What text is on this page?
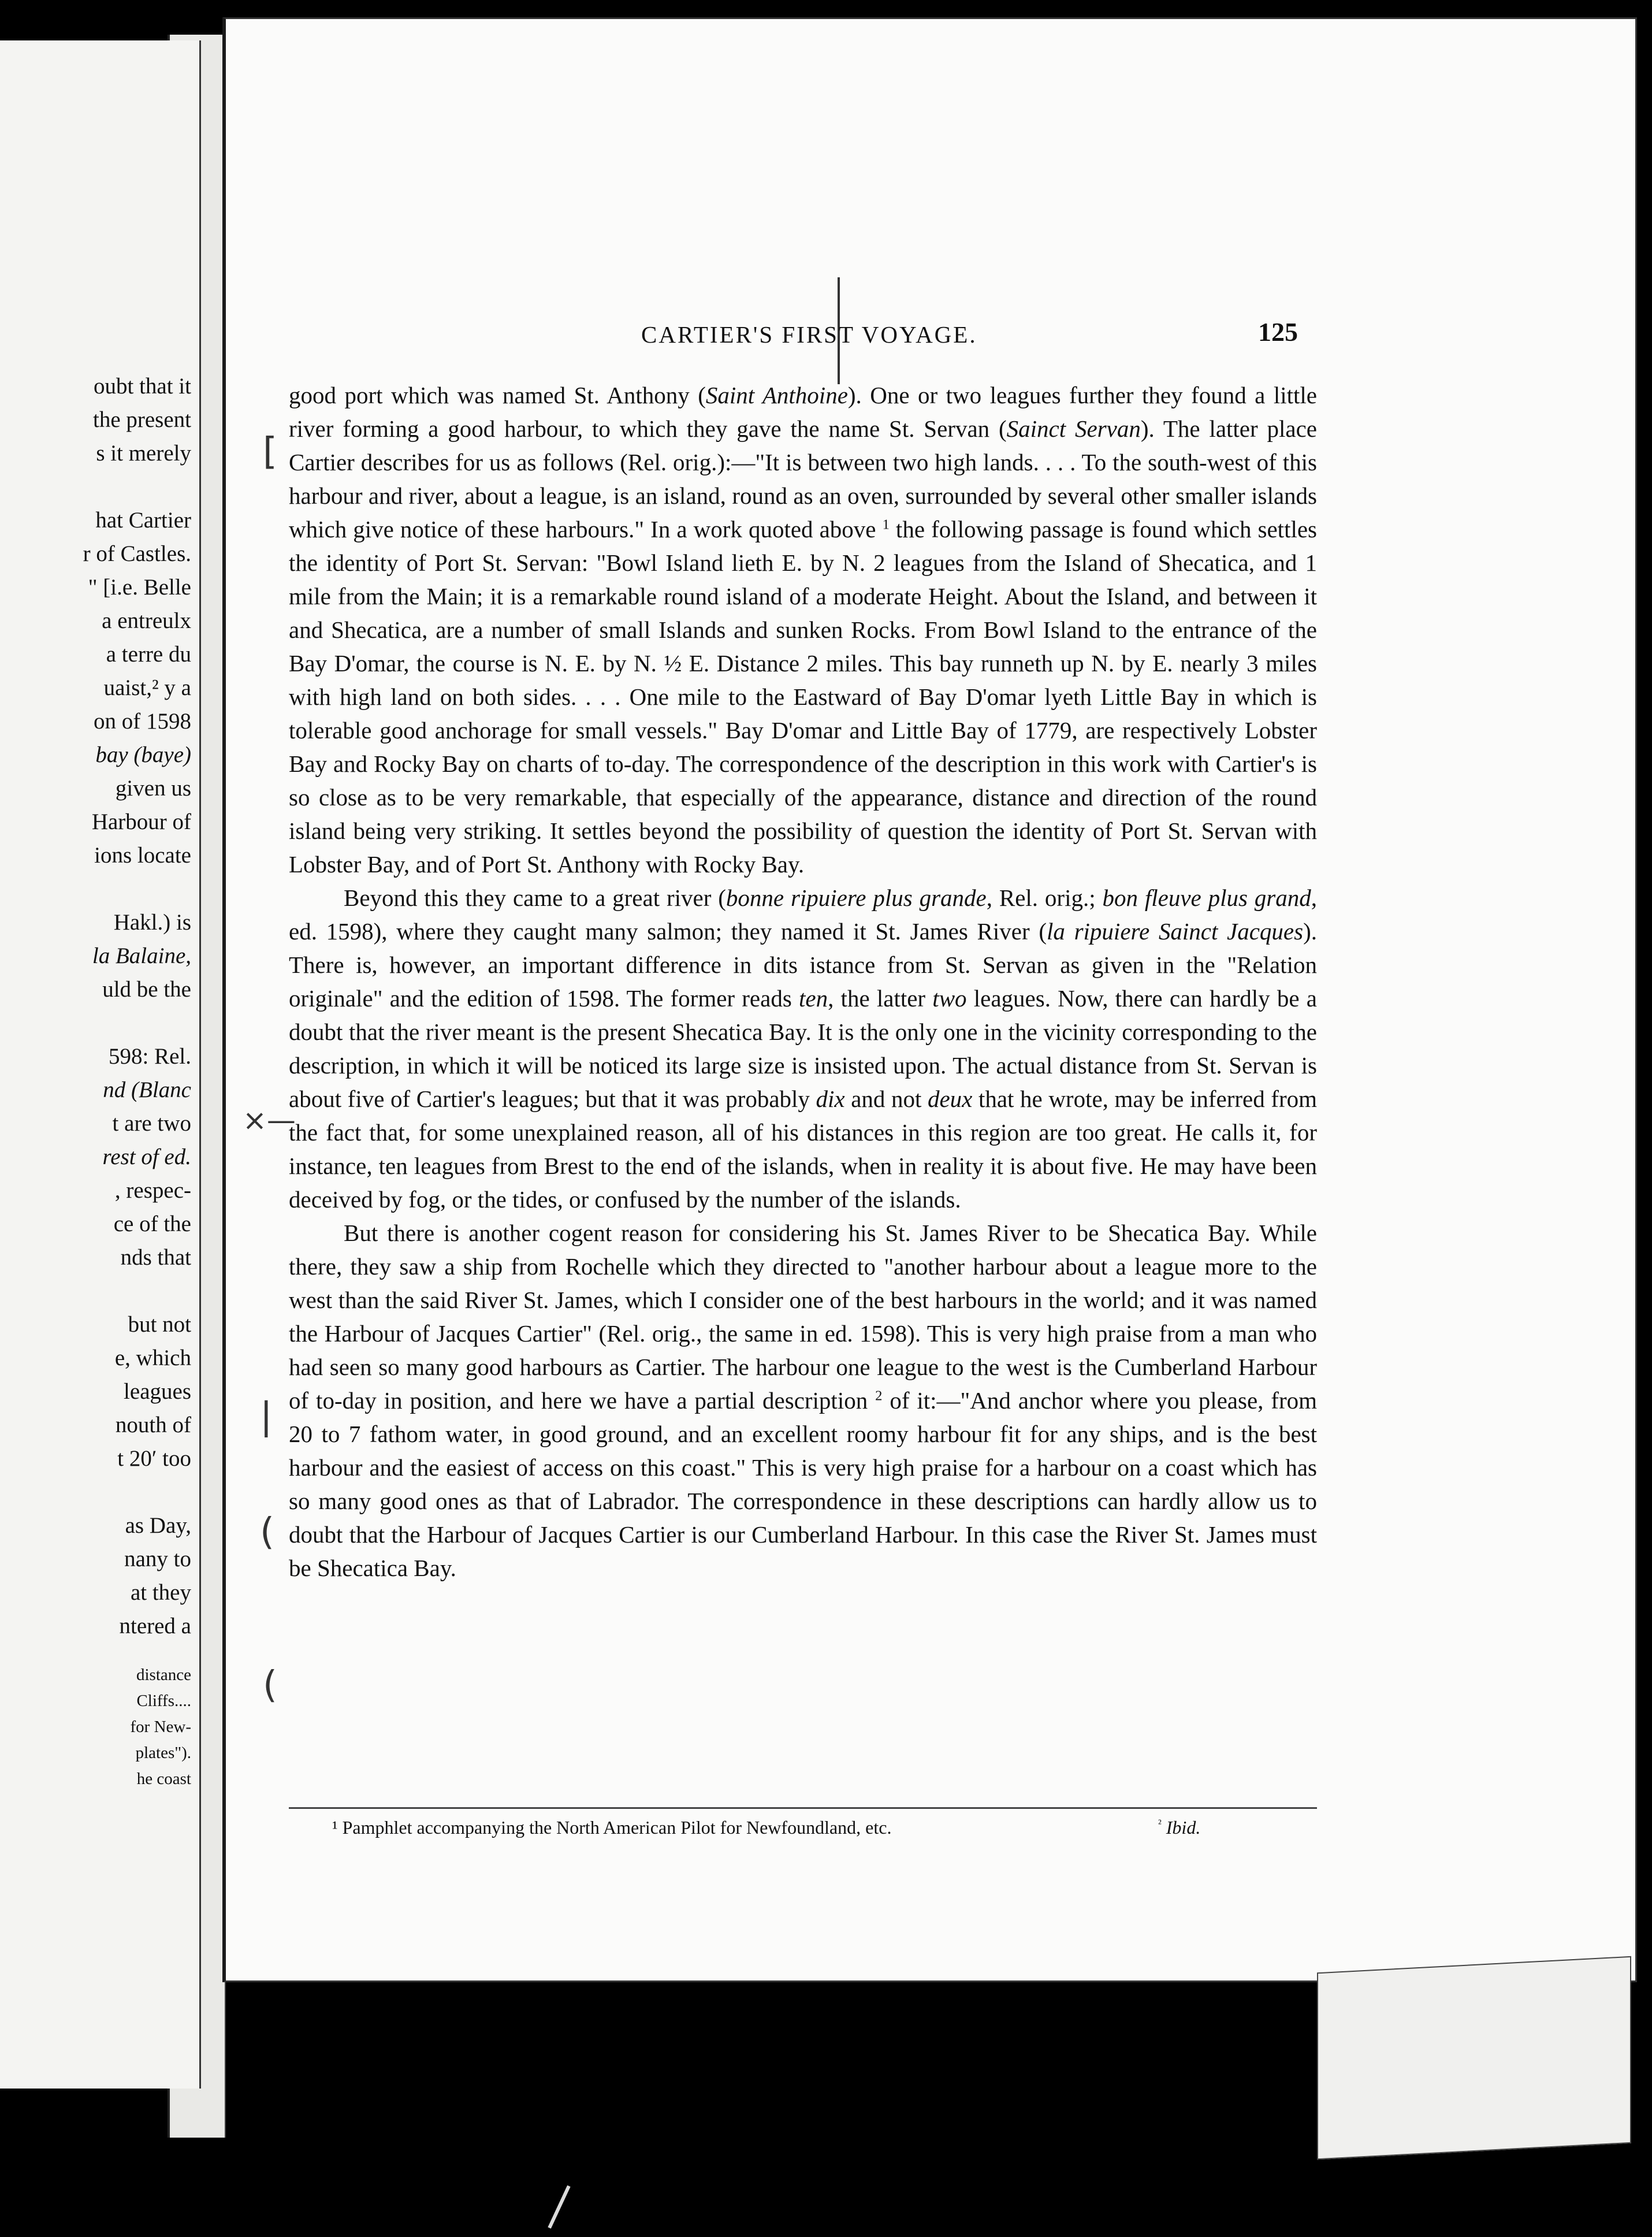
oubt that it
the present
s it merely
hat Cartier
r of Castles.
" [i.e. Belle
a entreulx
a terre du
uaist,² y a
on of 1598
bay (baye)
given us
Harbour of
ions locate
Hakl.) is
la Balaine,
uld be the
598: Rel.
nd (Blanc
t are two
rest of ed.
, respec-
ce of the
nds that
but not
e, which
leagues
nouth of
t 20′ too
as Day,
nany to
at they
ntered a
distance
Cliffs....
for New-
plates").
he coast
CARTIER'S FIRST VOYAGE.	125

good port which was named St. Anthony (Saint Anthoine). One or two leagues further they found a little river forming a good harbour, to which they gave the name St. Servan (Sainct Servan). The latter place Cartier describes for us as follows (Rel. orig.):—"It is between two high lands. . . . To the south-west of this harbour and river, about a league, is an island, round as an oven, surrounded by several other smaller islands which give notice of these harbours." In a work quoted above $^1$ the following passage is found which settles the identity of Port St. Servan: "Bowl Island lieth E. by N. 2 leagues from the Island of Shecatica, and 1 mile from the Main; it is a remarkable round island of a moderate Height. About the Island, and between it and Shecatica, are a number of small Islands and sunken Rocks. From Bowl Island to the entrance of the Bay D'omar, the course is N. E. by N. ½ E. Distance 2 miles. This bay runneth up N. by E. nearly 3 miles with high land on both sides. . . . One mile to the Eastward of Bay D'omar lyeth Little Bay in which is tolerable good anchorage for small vessels." Bay D'omar and Little Bay of 1779, are respectively Lobster Bay and Rocky Bay on charts of to-day. The correspondence of the description in this work with Cartier's is so close as to be very remarkable, that especially of the appearance, distance and direction of the round island being very striking. It settles beyond the possibility of question the identity of Port St. Servan with Lobster Bay, and of Port St. Anthony with Rocky Bay.

Beyond this they came to a great river (bonne ripuiere plus grande, Rel. orig.; bon fleuve plus grand, ed. 1598), where they caught many salmon; they named it St. James River (la ripuiere Sainct Jacques). There is, however, an important difference in dits istance from St. Servan as given in the "Relation originale" and the edition of 1598. The former reads ten, the latter two leagues. Now, there can hardly be a doubt that the river meant is the present Shecatica Bay. It is the only one in the vicinity corresponding to the description, in which it will be noticed its large size is insisted upon. The actual distance from St. Servan is about five of Cartier's leagues; but that it was probably dix and not deux that he wrote, may be inferred from the fact that, for some unexplained reason, all of his distances in this region are too great. He calls it, for instance, ten leagues from Brest to the end of the islands, when in reality it is about five. He may have been deceived by fog, or the tides, or confused by the number of the islands.

But there is another cogent reason for considering his St. James River to be Shecatica Bay. While there, they saw a ship from Rochelle which they directed to "another harbour about a league more to the west than the said River St. James, which I consider one of the best harbours in the world; and it was named the Harbour of Jacques Cartier" (Rel. orig., the same in ed. 1598). This is very high praise from a man who had seen so many good harbours as Cartier. The harbour one league to the west is the Cumberland Harbour of to-day in position, and here we have a partial description $^2$ of it:—"And anchor where you please, from 20 to 7 fathom water, in good ground, and an excellent roomy harbour fit for any ships, and is the best harbour and the easiest of access on this coast." This is very high praise for a harbour on a coast which has so many good ones as that of Labrador. The correspondence in these descriptions can hardly allow us to doubt that the Harbour of Jacques Cartier is our Cumberland Harbour. In this case the River St. James must be Shecatica Bay.

[
×—
|
(
(
¹ Pamphlet accompanying the North American Pilot for Newfoundland, etc.	$^{^2}$ Ibid.
